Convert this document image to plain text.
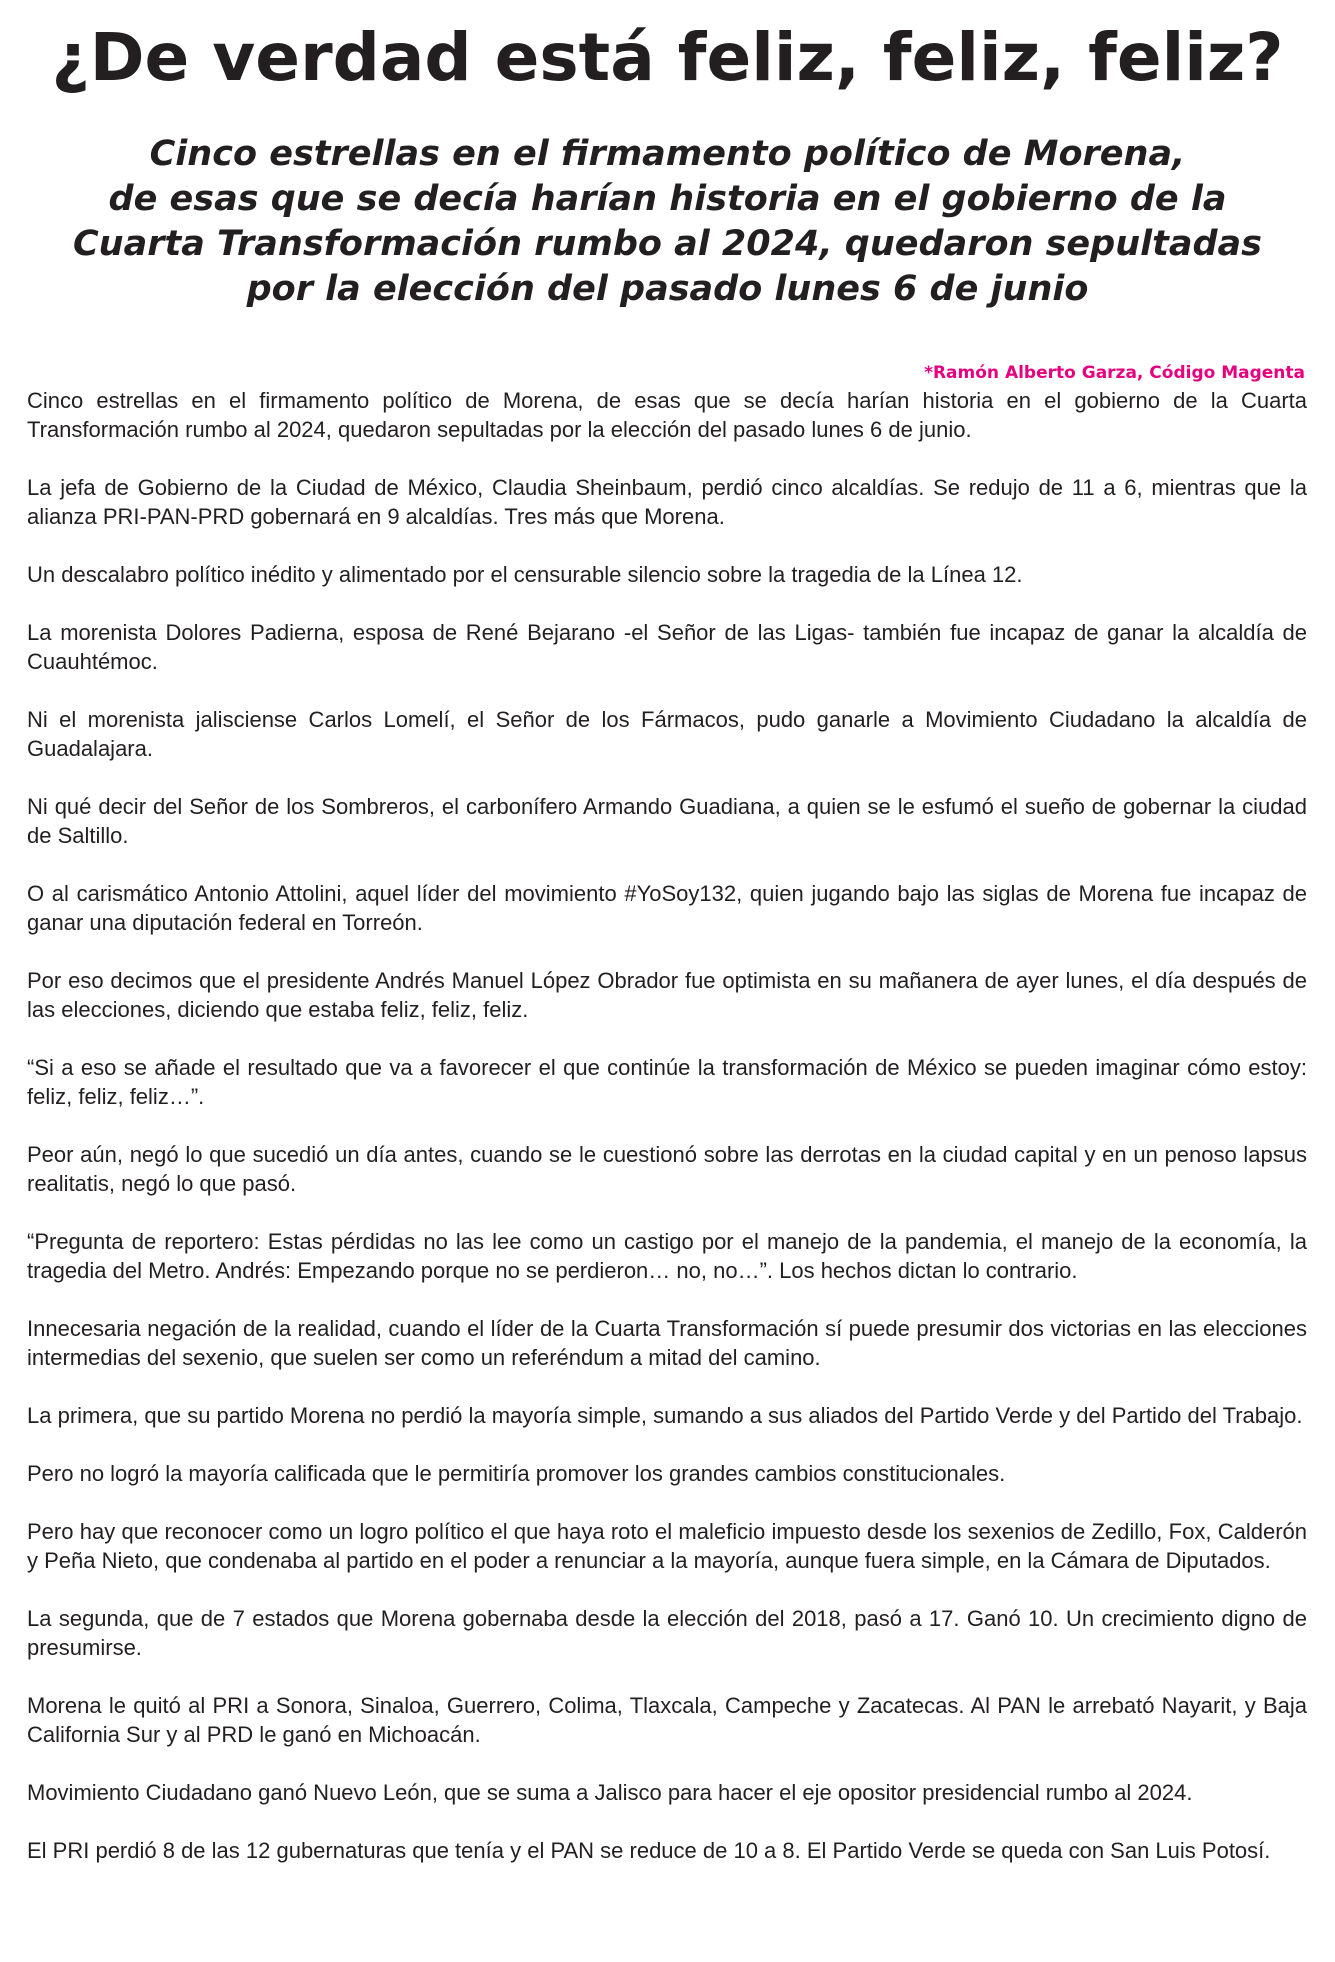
¿De verdad está feliz, feliz, feliz?
Cinco estrellas en el firmamento político de Morena,
de esas que se decía harían historia en el gobierno de la
Cuarta Transformación rumbo al 2024, quedaron sepultadas
por la elección del pasado lunes 6 de junio
*Ramón Alberto Garza, Código Magenta

Cinco estrellas en el firmamento político de Morena, de esas que se decía harían historia en el gobierno de la Cuarta Transformación rumbo al 2024, quedaron sepultadas por la elección del pasado lunes 6 de junio.

La jefa de Gobierno de la Ciudad de México, Claudia Sheinbaum, perdió cinco alcaldías. Se redujo de 11 a 6, mientras que la alianza PRI-PAN-PRD gobernará en 9 alcaldías. Tres más que Morena.

Un descalabro político inédito y alimentado por el censurable silencio sobre la tragedia de la Línea 12.

La morenista Dolores Padierna, esposa de René Bejarano -el Señor de las Ligas- también fue incapaz de ganar la alcaldía de Cuauhtémoc.

Ni el morenista jalisciense Carlos Lomelí, el Señor de los Fármacos, pudo ganarle a Movimiento Ciudadano la alcaldía de Guadalajara.

Ni qué decir del Señor de los Sombreros, el carbonífero Armando Guadiana, a quien se le esfumó el sueño de gobernar la ciudad de Saltillo.

O al carismático Antonio Attolini, aquel líder del movimiento #YoSoy132, quien jugando bajo las siglas de Morena fue incapaz de ganar una diputación federal en Torreón.

Por eso decimos que el presidente Andrés Manuel López Obrador fue optimista en su mañanera de ayer lunes, el día después de las elecciones, diciendo que estaba feliz, feliz, feliz.

“Si a eso se añade el resultado que va a favorecer el que continúe la transformación de México se pueden imaginar cómo estoy: feliz, feliz, feliz…”.

Peor aún, negó lo que sucedió un día antes, cuando se le cuestionó sobre las derrotas en la ciudad capital y en un penoso lapsus realitatis, negó lo que pasó.

“Pregunta de reportero: Estas pérdidas no las lee como un castigo por el manejo de la pandemia, el manejo de la economía, la tragedia del Metro. Andrés: Empezando porque no se perdieron… no, no…”. Los hechos dictan lo contrario.

Innecesaria negación de la realidad, cuando el líder de la Cuarta Transformación sí puede presumir dos victorias en las elecciones intermedias del sexenio, que suelen ser como un referéndum a mitad del camino.

La primera, que su partido Morena no perdió la mayoría simple, sumando a sus aliados del Partido Verde y del Partido del Trabajo.

Pero no logró la mayoría calificada que le permitiría promover los grandes cambios constitucionales.

Pero hay que reconocer como un logro político el que haya roto el maleficio impuesto desde los sexenios de Zedillo, Fox, Calderón y Peña Nieto, que condenaba al partido en el poder a renunciar a la mayoría, aunque fuera simple, en la Cámara de Diputados.

La segunda, que de 7 estados que Morena gobernaba desde la elección del 2018, pasó a 17. Ganó 10. Un crecimiento digno de presumirse.

Morena le quitó al PRI a Sonora, Sinaloa, Guerrero, Colima, Tlaxcala, Campeche y Zacatecas. Al PAN le arrebató Nayarit, y Baja California Sur y al PRD le ganó en Michoacán.

Movimiento Ciudadano ganó Nuevo León, que se suma a Jalisco para hacer el eje opositor presidencial rumbo al 2024.

El PRI perdió 8 de las 12 gubernaturas que tenía y el PAN se reduce de 10 a 8. El Partido Verde se queda con San Luis Potosí.
